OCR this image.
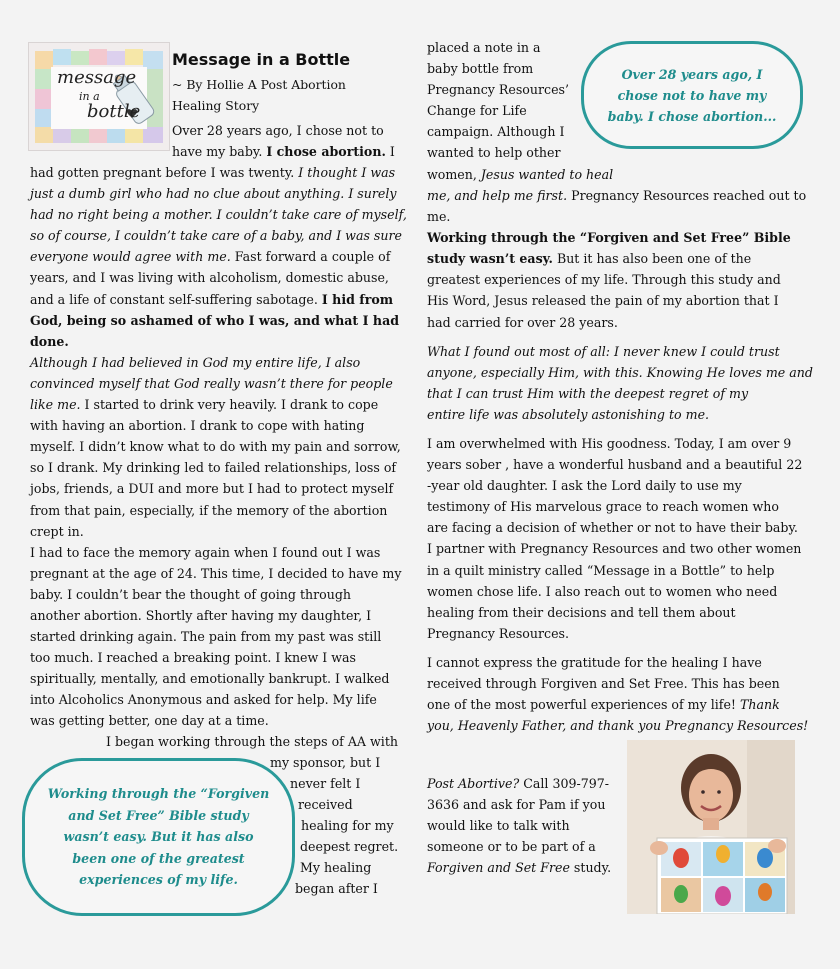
message
in a
bottle
Message in a Bottle

~ By Hollie A Post Abortion
Healing Story

Over 28 years ago, I chose not to
have my baby. I chose abortion. I

had gotten pregnant before I was twenty. I thought I was
just a dumb girl who had no clue about anything. I surely
had no right being a mother. I couldn’t take care of myself,
so of course, I couldn’t take care of a baby, and I was sure
everyone would agree with me. Fast forward a couple of
years, and I was living with alcoholism, domestic abuse,
and a life of constant self-suffering sabotage. I hid from
God, being so ashamed of who I was, and what I had
done.
Although I had believed in God my entire life, I also
convinced myself that God really wasn’t there for people
like me. I started to drink very heavily. I drank to cope
with having an abortion. I drank to cope with hating
myself. I didn’t know what to do with my pain and sorrow,
so I drank. My drinking led to failed relationships, loss of
jobs, friends, a DUI and more but I had to protect myself
from that pain, especially, if the memory of the abortion
crept in.
I had to face the memory again when I found out I was
pregnant at the age of 24. This time, I decided to have my
baby. I couldn’t bear the thought of going through
another abortion. Shortly after having my daughter, I
started drinking again. The pain from my past was still
too much. I reached a breaking point. I knew I was
spiritually, mentally, and emotionally bankrupt. I walked
into Alcoholics Anonymous and asked for help. My life
was getting better, one day at a time.

I began working through the steps of AA with

my sponsor, but I

never felt I

received

healing for my

deepest regret.

My healing

began after I

Working through the “Forgiven and Set Free” Bible study wasn’t easy. But it has also been one of the greatest experiences of my life.

placed a note in a
baby bottle from
Pregnancy Resources’
Change for Life
campaign. Although I
wanted to help other
women, Jesus wanted to heal

Over 28 years ago, I chose not to have my baby. I chose abortion...

me, and help me first. Pregnancy Resources reached out to
me.
Working through the “Forgiven and Set Free” Bible
study wasn’t easy. But it has also been one of the
greatest experiences of my life. Through this study and
His Word, Jesus released the pain of my abortion that I
had carried for over 28 years.

What I found out most of all: I never knew I could trust
anyone, especially Him, with this. Knowing He loves me and
that I can trust Him with the deepest regret of my
entire life was absolutely astonishing to me.

I am overwhelmed with His goodness. Today, I am over 9
years sober , have a wonderful husband and a beautiful 22
-year old daughter. I ask the Lord daily to use my
testimony of His marvelous grace to reach women who
are facing a decision of whether or not to have their baby.
I partner with Pregnancy Resources and two other women
in a quilt ministry called “Message in a Bottle” to help
women chose life. I also reach out to women who need
healing from their decisions and tell them about
Pregnancy Resources.

I cannot express the gratitude for the healing I have
received through Forgiven and Set Free. This has been
one of the most powerful experiences of my life! Thank
you, Heavenly Father, and thank you Pregnancy Resources!

Post Abortive? Call 309-797-
3636 and ask for Pam if you
would like to talk with
someone or to be part of a
Forgiven and Set Free study.
